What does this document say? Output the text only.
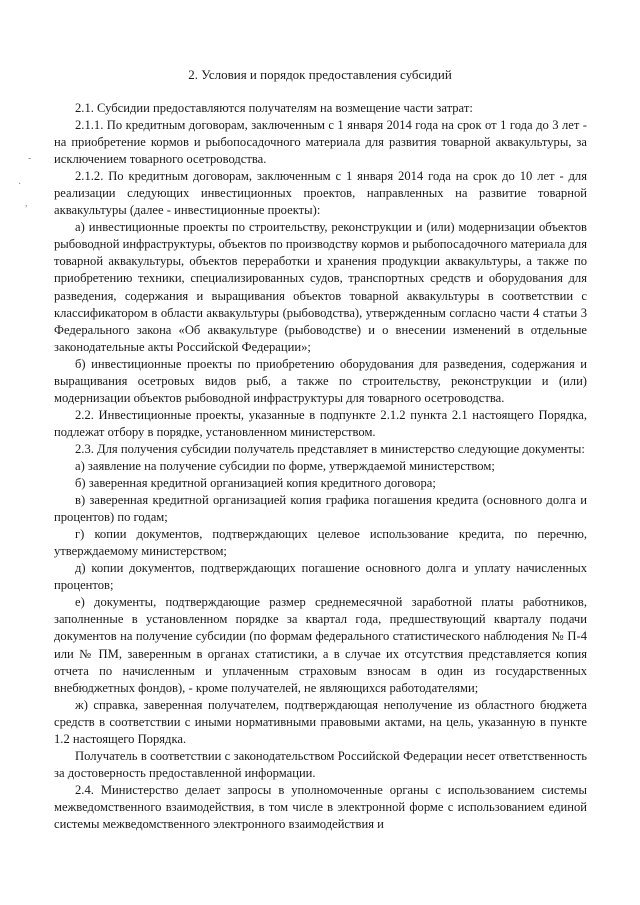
-
·
,
2. Условия и порядок предоставления субсидий

2.1. Субсидии предоставляются получателям на возмещение части затрат:

2.1.1. По кредитным договорам, заключенным с 1 января 2014 года на срок от 1 года до 3 лет - на приобретение кормов и рыбопосадочного материала для развития товарной аквакультуры, за исключением товарного осетроводства.

2.1.2. По кредитным договорам, заключенным с 1 января 2014 года на срок до 10 лет - для реализации следующих инвестиционных проектов, направленных на развитие товарной аквакультуры (далее - инвестиционные проекты):

а) инвестиционные проекты по строительству, реконструкции и (или) модернизации объектов рыбоводной инфраструктуры, объектов по производству кормов и рыбопосадочного материала для товарной аквакультуры, объектов переработки и хранения продукции аквакультуры, а также по приобретению техники, специализированных судов, транспортных средств и оборудования для разведения, содержания и выращивания объектов товарной аквакультуры в соответствии с классификатором в области аквакультуры (рыбоводства), утвержденным согласно части 4 статьи 3 Федерального закона «Об аквакультуре (рыбоводстве) и о внесении изменений в отдельные законодательные акты Российской Федерации»;

б) инвестиционные проекты по приобретению оборудования для разведения, содержания и выращивания осетровых видов рыб, а также по строительству, реконструкции и (или) модернизации объектов рыбоводной инфраструктуры для товарного осетроводства.

2.2. Инвестиционные проекты, указанные в подпункте 2.1.2 пункта 2.1 настоящего Порядка, подлежат отбору в порядке, установленном министерством.

2.3. Для получения субсидии получатель представляет в министерство следующие документы:

а) заявление на получение субсидии по форме, утверждаемой министерством;

б) заверенная кредитной организацией копия кредитного договора;

в) заверенная кредитной организацией копия графика погашения кредита (основного долга и процентов) по годам;

г) копии документов, подтверждающих целевое использование кредита, по перечню, утверждаемому министерством;

д) копии документов, подтверждающих погашение основного долга и уплату начисленных процентов;

е) документы, подтверждающие размер среднемесячной заработной платы работников, заполненные в установленном порядке за квартал года, предшествующий кварталу подачи документов на получение субсидии (по формам федерального статистического наблюдения № П-4 или № ПМ, заверенным в органах статистики, а в случае их отсутствия представляется копия отчета по начисленным и уплаченным страховым взносам в один из государственных внебюджетных фондов), - кроме получателей, не являющихся работодателями;

ж) справка, заверенная получателем, подтверждающая неполучение из областного бюджета средств в соответствии с иными нормативными правовыми актами, на цель, указанную в пункте 1.2 настоящего Порядка.

Получатель в соответствии с законодательством Российской Федерации несет ответственность за достоверность предоставленной информации.

2.4. Министерство делает запросы в уполномоченные органы с использованием системы межведомственного взаимодействия, в том числе в электронной форме с использованием единой системы межведомственного электронного взаимодействия и
